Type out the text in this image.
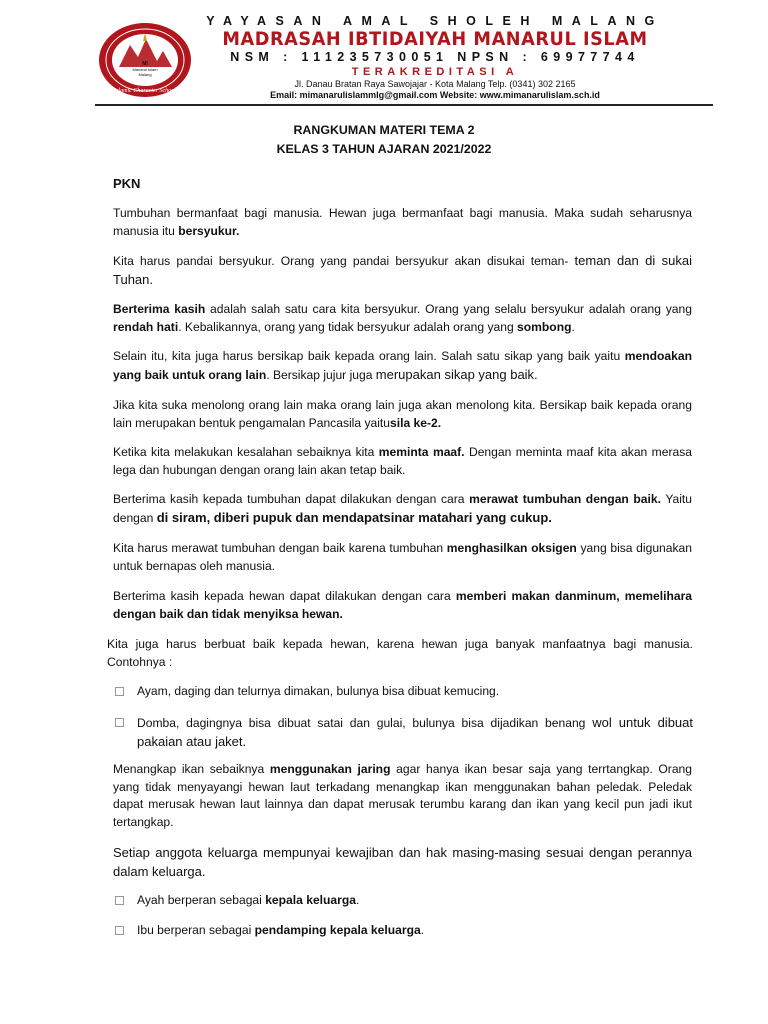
MI
Manarul Islam
Malang
Islamic Character School
YAYASAN AMAL SHOLEH MALANG
MADRASAH IBTIDAIYAH MANARUL ISLAM
NSM : 111235730051 NPSN : 69977744
TERAKREDITASI A
Jl. Danau Bratan Raya Sawojajar - Kota Malang Telp. (0341) 302 2165
Email: mimanarulislammlg@gmail.com Website: www.mimanarulislam.sch.id
RANGKUMAN MATERI TEMA 2
KELAS 3 TAHUN AJARAN 2021/2022
PKN
Tumbuhan bermanfaat bagi manusia. Hewan juga bermanfaat bagi manusia. Maka sudah seharusnya manusia itu bersyukur.
Kita harus pandai bersyukur. Orang yang pandai bersyukur akan disukai teman- teman dan di sukai Tuhan.
Berterima kasih adalah salah satu cara kita bersyukur. Orang yang selalu bersyukur adalah orang yang rendah hati. Kebalikannya, orang yang tidak bersyukur adalah orang yang sombong.
Selain itu, kita juga harus bersikap baik kepada orang lain. Salah satu sikap yang baik yaitu mendoakan yang baik untuk orang lain. Bersikap jujur juga merupakan sikap yang baik.
Jika kita suka menolong orang lain maka orang lain juga akan menolong kita. Bersikap baik kepada orang lain merupakan bentuk pengamalan Pancasila yaitusila ke-2.
Ketika kita melakukan kesalahan sebaiknya kita meminta maaf. Dengan meminta maaf kita akan merasa lega dan hubungan dengan orang lain akan tetap baik.
Berterima kasih kepada tumbuhan dapat dilakukan dengan cara merawat tumbuhan dengan baik. Yaitu dengan di siram, diberi pupuk dan mendapatsinar matahari yang cukup.
Kita harus merawat tumbuhan dengan baik karena tumbuhan menghasilkan oksigen yang bisa digunakan untuk bernapas oleh manusia.
Berterima kasih kepada hewan dapat dilakukan dengan cara memberi makan danminum, memelihara dengan baik dan tidak menyiksa hewan.
Kita juga harus berbuat baik kepada hewan, karena hewan juga banyak manfaatnya bagi manusia. Contohnya :
Ayam, daging dan telurnya dimakan, bulunya bisa dibuat kemucing.
Domba, dagingnya bisa dibuat satai dan gulai, bulunya bisa dijadikan benang wol untuk dibuat pakaian atau jaket.
Menangkap ikan sebaiknya menggunakan jaring agar hanya ikan besar saja yang terrtangkap. Orang yang tidak menyayangi hewan laut terkadang menangkap ikan menggunakan bahan peledak. Peledak dapat merusak hewan laut lainnya dan dapat merusak terumbu karang dan ikan yang kecil pun jadi ikut tertangkap.
Setiap anggota keluarga mempunyai kewajiban dan hak masing-masing sesuai dengan perannya dalam keluarga.
Ayah berperan sebagai kepala keluarga.
Ibu berperan sebagai pendamping kepala keluarga.
